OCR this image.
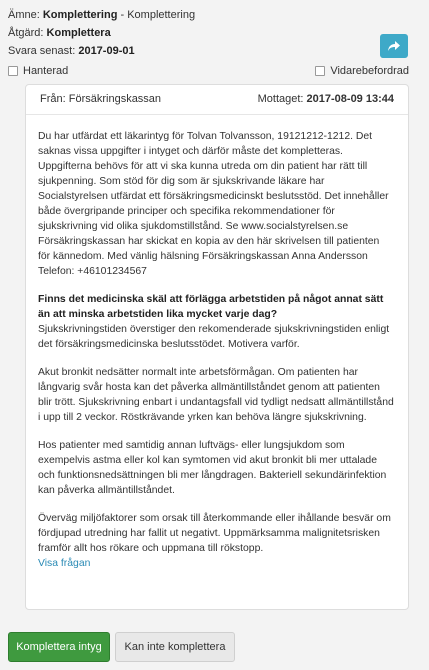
Ämne: Komplettering - Komplettering
Åtgärd: Komplettera
Svara senast: 2017-09-01
Hanterad	Vidarebefordrad
Från: Försäkringskassan	Mottaget: 2017-08-09 13:44

Du har utfärdat ett läkarintyg för Tolvan Tolvansson, 19121212-1212. Det saknas vissa uppgifter i intyget och därför måste det kompletteras. Uppgifterna behövs för att vi ska kunna utreda om din patient har rätt till sjukpenning. Som stöd för dig som är sjukskrivande läkare har Socialstyrelsen utfärdat ett försäkringsmedicinskt beslutsstöd. Det innehåller både övergripande principer och specifika rekommendationer för sjukskrivning vid olika sjukdomstillstånd. Se www.socialstyrelsen.se Försäkringskassan har skickat en kopia av den här skrivelsen till patienten för kännedom. Med vänlig hälsning Försäkringskassan Anna Andersson Telefon: +46101234567

Finns det medicinska skäl att förlägga arbetstiden på något annat sätt än att minska arbetstiden lika mycket varje dag?
Sjukskrivningstiden överstiger den rekomenderade sjukskrivningstiden enligt det försäkringsmedicinska beslutsstödet. Motivera varför.

Akut bronkit nedsätter normalt inte arbetsförmågan. Om patienten har långvarig svår hosta kan det påverka allmäntillståndet genom att patienten blir trött. Sjukskrivning enbart i undantagsfall vid tydligt nedsatt allmäntillstånd i upp till 2 veckor. Röstkrävande yrken kan behöva längre sjukskrivning.

Hos patienter med samtidig annan luftvägs- eller lungsjukdom som exempelvis astma eller kol kan symtomen vid akut bronkit bli mer uttalade och funktionsnedsättningen bli mer långdragen. Bakteriell sekundärinfektion kan påverka allmäntillståndet.

Överväg miljöfaktorer som orsak till återkommande eller ihållande besvär om fördjupad utredning har fallit ut negativt. Uppmärksamma malignitetsrisken framför allt hos rökare och uppmana till rökstopp.
Visa frågan
Komplettera intyg	Kan inte komplettera
